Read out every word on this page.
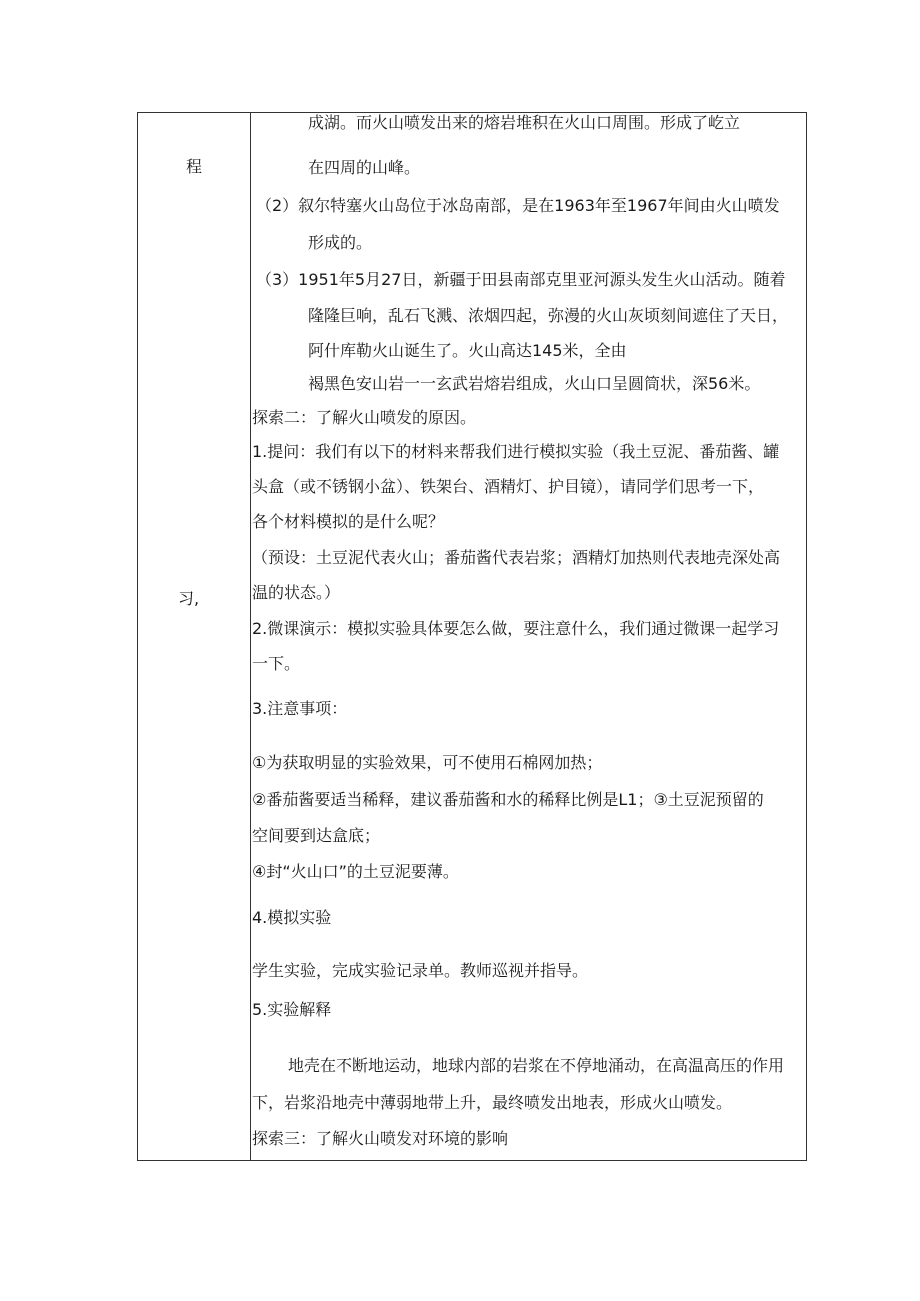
程
习,
成湖。而火山喷发出来的熔岩堆积在火山口周围。形成了屹立
在四周的山峰。
（2）叙尔特塞火山岛位于冰岛南部，是在1963年至1967年间由火山喷发
形成的。
（3）1951年5月27日，新疆于田县南部克里亚河源头发生火山活动。随着
隆隆巨响，乱石飞溅、浓烟四起，弥漫的火山灰顷刻间遮住了天日，
阿什库勒火山诞生了。火山高达145米，全由
褐黑色安山岩一一玄武岩熔岩组成，火山口呈圆筒状，深56米。
探索二：了解火山喷发的原因。
1.提问：我们有以下的材料来帮我们进行模拟实验（我土豆泥、番茄酱、罐
头盒（或不锈钢小盆）、铁架台、酒精灯、护目镜），请同学们思考一下，
各个材料模拟的是什么呢？
（预设：土豆泥代表火山；番茄酱代表岩浆；酒精灯加热则代表地壳深处高
温的状态。）
2.微课演示：模拟实验具体要怎么做，要注意什么，我们通过微课一起学习
一下。
3.注意事项：
①为获取明显的实验效果，可不使用石棉网加热；
②番茄酱要适当稀释，建议番茄酱和水的稀释比例是L1；③土豆泥预留的
空间要到达盒底；
④封“火山口”的土豆泥要薄。
4.模拟实验
学生实验，完成实验记录单。教师巡视并指导。
5.实验解释
地壳在不断地运动，地球内部的岩浆在不停地涌动，在高温高压的作用
下，岩浆沿地壳中薄弱地带上升，最终喷发出地表，形成火山喷发。
探索三：了解火山喷发对环境的影响
